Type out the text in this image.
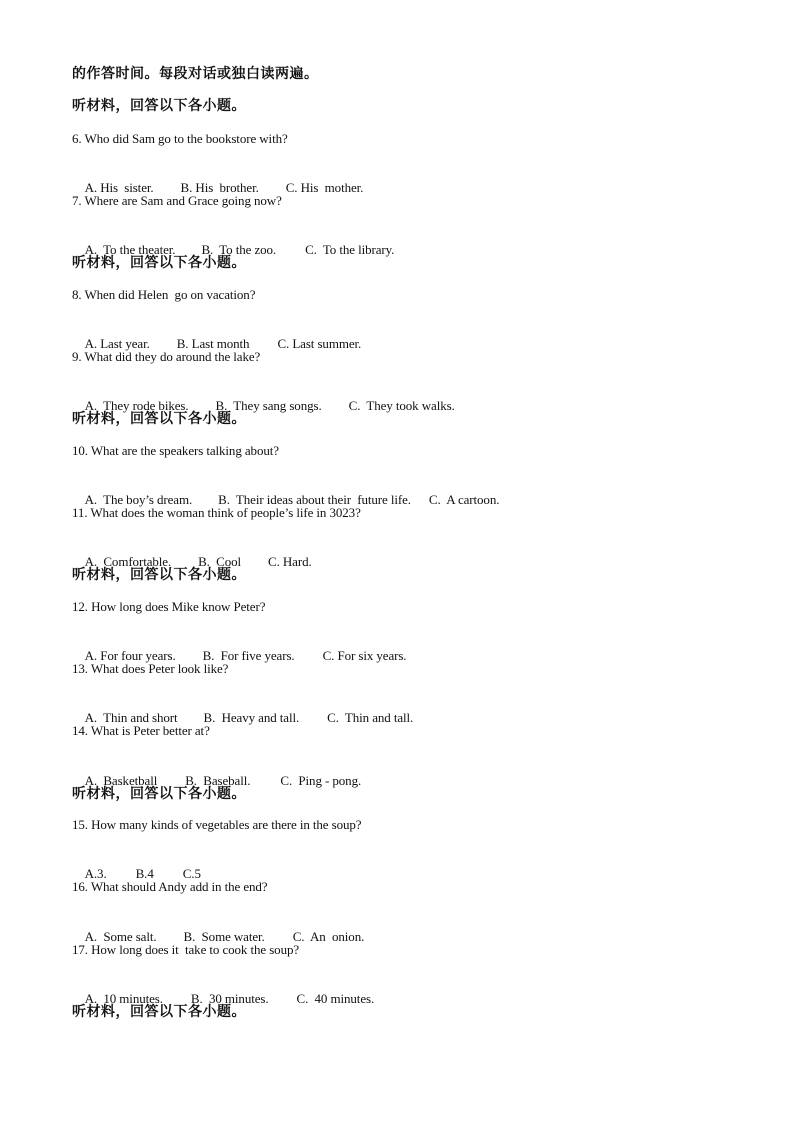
的作答时间。每段对话或独白读两遍。
听材料，回答以下各小题。
6. Who did Sam go to the bookstore with?

A. His  sister. B. His  brother. C. His  mother.

7. Where are Sam and Grace going now?

A.  To the theater. B.  To the zoo. C.  To the library.

听材料，回答以下各小题。
8. When did Helen  go on vacation?

A. Last year. B. Last month C. Last summer.

9. What did they do around the lake?

A.  They rode bikes. B.  They sang songs. C.  They took walks.

听材料，回答以下各小题。
10. What are the speakers talking about?

A.  The boy’s dream. B.  Their ideas about their  future life. C.  A cartoon.

11. What does the woman think of people’s life in 3023?

A.  Comfortable. B.  Cool C. Hard.

听材料，回答以下各小题。
12. How long does Mike know Peter?

A. For four years. B.  For five years. C. For six years.

13. What does Peter look like?

A.  Thin and short B.  Heavy and tall. C.  Thin and tall.

14. What is Peter better at?

A.  Basketball B.  Baseball. C.  Ping - pong.

听材料，回答以下各小题。
15. How many kinds of vegetables are there in the soup?

A.3. B.4 C.5

16. What should Andy add in the end?

A.  Some salt. B.  Some water. C.  An  onion.

17. How long does it  take to cook the soup?

A.  10 minutes. B.  30 minutes. C.  40 minutes.

听材料，回答以下各小题。
